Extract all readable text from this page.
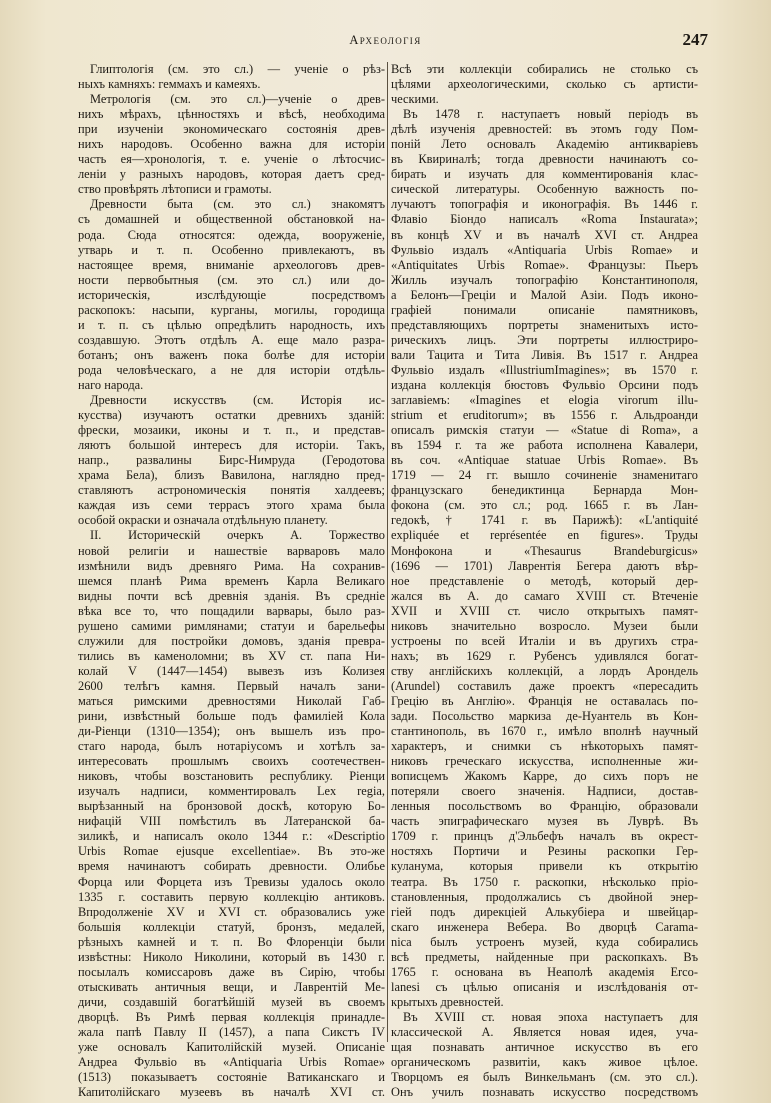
Археологія	247
Глиптологія (см. это сл.) — ученіе о рѣз-
ныхъ камняхъ: геммахъ и камеяхъ.
Метрологія (см. это сл.)—ученіе о древ-
нихъ мѣрахъ, цѣнностяхъ и вѣсѣ, необходима
при изученіи экономическаго состоянія древ-
нихъ народовъ. Особенно важна для исторіи
часть ея—хронологія, т. е. ученіе о лѣтосчис-
леніи у разныхъ народовъ, которая даетъ сред-
ство провѣрять лѣтописи и грамоты.
Древности быта (см. это сл.) знакомятъ
съ домашней и общественной обстановкой на-
рода. Сюда относятся: одежда, вооруженіе,
утварь и т. п. Особенно привлекаютъ, въ
настоящее время, вниманіе археологовъ древ-
ности первобытныя (см. это сл.) или до-
историческія, изслѣдующіе посредствомъ
раскопокъ: насыпи, курганы, могилы, городища
и т. п. съ цѣлью опредѣлить народность, ихъ
создавшую. Этотъ отдѣлъ А. еще мало разра-
ботанъ; онъ важенъ пока болѣе для исторіи
рода человѣческаго, а не для исторіи отдѣль-
наго народа.
Древности искусствъ (см. Исторія ис-
кусства) изучаютъ остатки древнихъ зданій:
фрески, мозаики, иконы и т. п., и представ-
ляютъ большой интересъ для исторіи. Такъ,
напр., развалины Бирс-Нимруда (Геродотова
храма Бела), близъ Вавилона, наглядно пред-
ставляютъ астрономическія понятія халдеевъ;
каждая изъ семи террасъ этого храма была
особой окраски и означала отдѣльную планету.
II. Историческій очеркъ А. Торжество
новой религіи и нашествіе варваровъ мало
измѣнили видъ древняго Рима. На сохранив-
шемся планѣ Рима временъ Карла Великаго
видны почти всѣ древнія зданія. Въ средніе
вѣка все то, что пощадили варвары, было раз-
рушено самими римлянами; статуи и барельефы
служили для постройки домовъ, зданія превра-
тились въ каменоломни; въ XV ст. папа Ни-
колай V (1447—1454) вывезъ изъ Колизея
2600 телѣгъ камня. Первый началъ зани-
маться римскими древностями Николай Габ-
рини, извѣстный больше подъ фамиліей Кола
ди-Ріенци (1310—1354); онъ вышелъ изъ про-
стаго народа, былъ нотаріусомъ и хотѣлъ за-
интересовать прошлымъ своихъ соотечествен-
никовъ, чтобы возстановить республику. Ріенци
изучалъ надписи, комментировалъ Lex regia,
вырѣзанный на бронзовой доскѣ, которую Бо-
нифацій VIII помѣстилъ въ Латеранской ба-
зиликѣ, и написалъ около 1344 г.: «Descriptio
Urbis Romae ejusque excellentiae». Въ это-же
время начинаютъ собирать древности. Олибье
Форца или Форцета изъ Тревизы удалось около
1335 г. составить первую коллекцію антиковъ.
Впродолженіе XV и XVI ст. образовались уже
большія коллекціи статуй, бронзъ, медалей,
рѣзныхъ камней и т. п. Во Флоренціи были
извѣстны: Николо Николини, который въ 1430 г.
посылалъ комиссаровъ даже въ Сирію, чтобы
отыскивать античныя вещи, и Лаврентій Ме-
дичи, создавшій богатѣйшій музей въ своемъ
дворцѣ. Въ Римѣ первая коллекція принадле-
жала папѣ Павлу II (1457), а папа Сикстъ IV
уже основалъ Капитолійскій музей. Описаніе
Андреа Фульвіо въ «Antiquaria Urbis Romae»
(1513) показываетъ состояніе Ватиканскаго и
Капитолійскаго музеевъ въ началѣ XVI ст.
Всѣ эти коллекціи собирались не столько съ
цѣлями археологическими, сколько съ артисти-
ческими.
Въ 1478 г. наступаетъ новый періодъ въ
дѣлѣ изученія древностей: въ этомъ году Пом-
поній Лето основалъ Академію антикваріевъ
въ Квириналѣ; тогда древности начинаютъ со-
бирать и изучать для комментированія клас-
сической литературы. Особенную важность по-
лучаютъ топографія и иконографія. Въ 1446 г.
Флавіо Біондо написалъ «Roma Instaurata»;
въ концѣ XV и въ началѣ XVI ст. Андреа
Фульвіо издалъ «Antiquaria Urbis Romae» и
«Antiquitates Urbis Romae». Французы: Пьеръ
Жилль изучалъ топографію Константинополя,
а Белонъ—Греціи и Малой Азіи. Подъ иконо-
графіей понимали описаніе памятниковъ,
представляющихъ портреты знаменитыхъ исто-
рическихъ лицъ. Эти портреты иллюстриро-
вали Тацита и Тита Ливія. Въ 1517 г. Андреа
Фульвіо издалъ «IllustriumImagines»; въ 1570 г.
издана коллекція бюстовъ Фульвіо Орсини подъ
заглавіемъ: «Imagines et elogia virorum illu-
strium et eruditorum»; въ 1556 г. Альдроанди
описалъ римскія статуи — «Statue di Roma», а
въ 1594 г. та же работа исполнена Кавалери,
въ соч. «Antiquae statuae Urbis Romae». Въ
1719 — 24 гг. вышло сочиненіе знаменитаго
французскаго бенедиктинца Бернарда Мон-
фокона (см. это сл.; род. 1665 г. въ Лан-
гедокѣ, † 1741 г. въ Парижѣ): «L'antiquité
expliquée et représentée en figures». Труды
Монфокона и «Thesaurus Brandeburgicus»
(1696 — 1701) Лаврентія Бегера даютъ вѣр-
ное представленіе о методѣ, который дер-
жался въ А. до самаго XVIII ст. Втеченіе
XVII и XVIII ст. число открытыхъ памят-
никовъ значительно возросло. Музеи были
устроены по всей Италіи и въ другихъ стра-
нахъ; въ 1629 г. Рубенсъ удивлялся богат-
ству англійскихъ коллекцій, а лордъ Арондель
(Arundel) составилъ даже проектъ «пересадить
Грецію въ Англію». Франція не оставалась по-
зади. Посольство маркиза де-Нуантель въ Кон-
стантинополь, въ 1670 г., имѣло вполнѣ научный
характеръ, и снимки съ нѣкоторыхъ памят-
никовъ греческаго искусства, исполненные жи-
вописцемъ Жакомъ Карре, до сихъ поръ не
потеряли своего значенія. Надписи, достав-
ленныя посольствомъ во Францію, образовали
часть эпиграфическаго музея въ Луврѣ. Въ
1709 г. принцъ д'Эльбефъ началъ въ окрест-
ностяхъ Портичи и Резины раскопки Гер-
куланума, которыя привели къ открытію
театра. Въ 1750 г. раскопки, нѣсколько пріо-
становленныя, продолжались съ двойной энер-
гіей подъ дирекціей Алькубіера и швейцар-
скаго инженера Вебера. Во дворцѣ Caramа-
nica былъ устроенъ музей, куда собирались
всѣ предметы, найденные при раскопкахъ. Въ
1765 г. основана въ Неаполѣ академія Erco-
lanesi съ цѣлью описанія и изслѣдованія от-
крытыхъ древностей.
Въ XVIII ст. новая эпоха наступаетъ для
классической А. Является новая идея, уча-
щая познавать античное искусство въ его
органическомъ развитіи, какъ живое цѣлое.
Творцомъ ея былъ Винкельманъ (см. это сл.).
Онъ училъ познавать искусство посредствомъ
